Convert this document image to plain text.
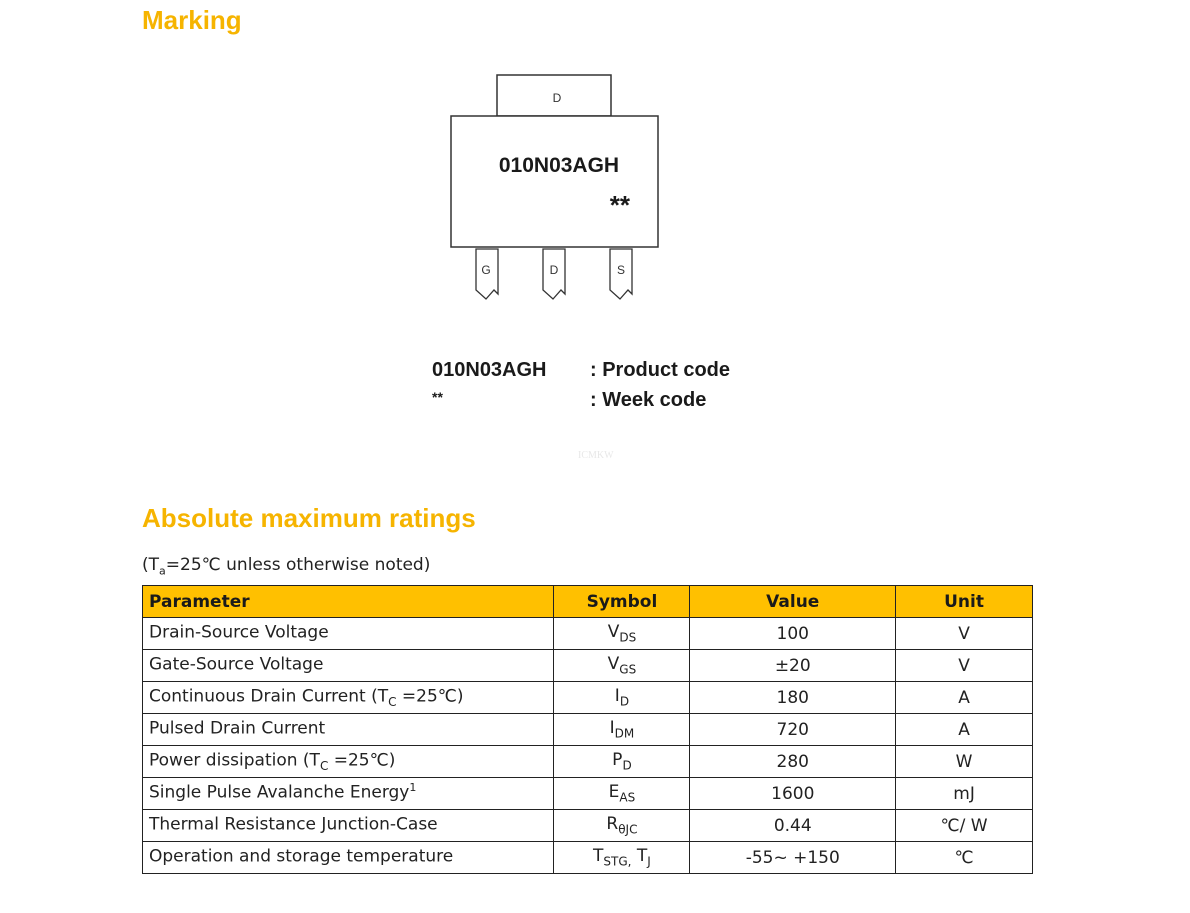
Marking
D
010N03AGH
**
G	D	S
010N03AGH : Product code
**	: Week code
ICMKW
Absolute maximum ratings
($T_a=25℃$ unless otherwise noted)
Parameter	Symbol	Value	Unit
Drain-Source Voltage	$V_{DS}$	100	V
Gate-Source Voltage	$V_{GS}$	±20	V
Continuous Drain Current ($T_C$ =25℃)	$I_D$	180	A
Pulsed Drain Current	$I_{DM}$	720	A
Power dissipation ($T_C$ =25℃)	$P_D$	280	W
Single Pulse Avalanche Energy$^1$	$E_{AS}$	1600	mJ
Thermal Resistance Junction-Case	$R_{\theta JC}$	0.44	℃/ W
Operation and storage temperature	$T_{STG,}$ $T_J$	-55~ +150	℃
